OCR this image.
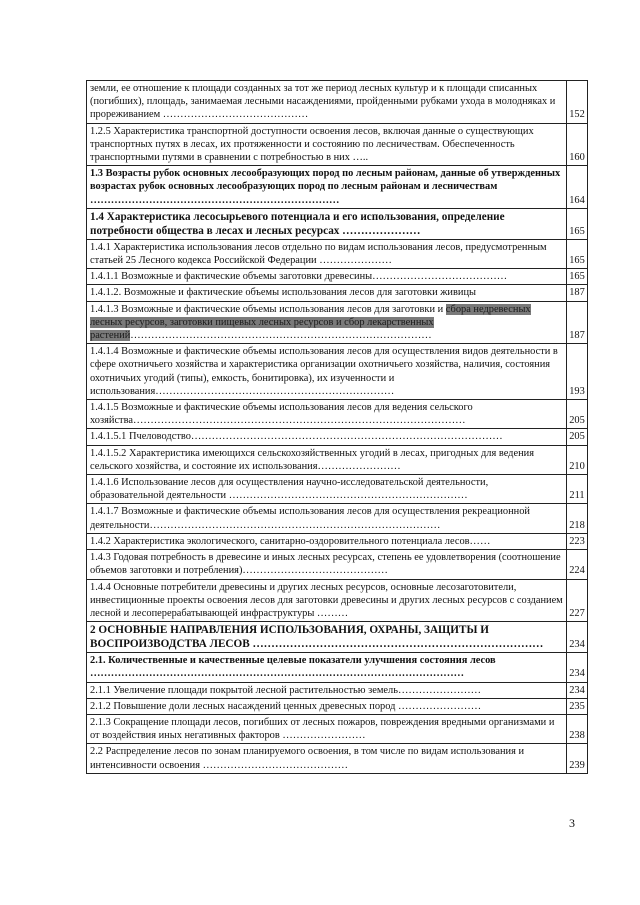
земли, ее отношение к площади созданных за тот же период лесных культур и к площади списанных (погибших), площадь, занимаемая лесными насаждениями, пройденными рубками ухода в молодняках и прореживанием ……………………………………	152
1.2.5 Характеристика транспортной доступности освоения лесов, включая данные о существующих транспортных путях в лесах, их протяженности и состоянию по лесничествам. Обеспеченность транспортными путями в сравнении с потребностью в них …..	160
1.3 Возрасты рубок основных лесообразующих пород по лесным районам, данные об утвержденных возрастах рубок основных лесообразующих пород по лесным районам и лесничествам ………………………………………………………………	164
1.4 Характеристика лесосырьевого потенциала и его использования, определение потребности общества в лесах и лесных ресурсах …………………	165
1.4.1 Характеристика использования лесов отдельно по видам использования лесов, предусмотренным статьей 25 Лесного кодекса Российской Федерации …………………	165
1.4.1.1 Возможные и фактические объемы заготовки древесины…………………………………	165
1.4.1.2. Возможные и фактические объемы использования лесов для заготовки живицы	187
1.4.1.3 Возможные и фактические объемы использования лесов для заготовки и сбора недревесных лесных ресурсов, заготовки пищевых лесных ресурсов и сбор лекарственных растений……………………………………………………………………………	187
1.4.1.4 Возможные и фактические объемы использования лесов для осуществления видов деятельности в сфере охотничьего хозяйства и характеристика организации охотничьего хозяйства, наличия, состояния охотничьих угодий (типы), емкость, бонитировка), их изученности и использования……………………………………………………………	193
1.4.1.5 Возможные и фактические объемы использования лесов для ведения сельского хозяйства……………………………………………………………………………………	205
1.4.1.5.1 Пчеловодство………………………………………………………………………………	205
1.4.1.5.2 Характеристика имеющихся сельскохозяйственных угодий в лесах, пригодных для ведения сельского хозяйства, и состояние их использования……………………	210
1.4.1.6 Использование лесов для осуществления научно-исследовательской деятельности, образовательной деятельности ……………………………………………………………	211
1.4.1.7 Возможные и фактические объемы использования лесов для осуществления рекреационной деятельности…………………………………………………………………………	218
1.4.2 Характеристика экологического, санитарно-оздоровительного потенциала лесов……	223
1.4.3 Годовая потребность в древесине и иных лесных ресурсах, степень ее удовлетворения (соотношение объемов заготовки и потребления)……………………………………	224
1.4.4 Основные потребители древесины и других лесных ресурсов, основные лесозаготовители, инвестиционные проекты освоения лесов для заготовки древесины и других лесных ресурсов с созданием лесной и лесоперерабатывающей инфраструктуры ………	227
2 ОСНОВНЫЕ НАПРАВЛЕНИЯ ИСПОЛЬЗОВАНИЯ, ОХРАНЫ, ЗАЩИТЫ И ВОСПРОИЗВОДСТВА ЛЕСОВ ……………………………………………………………………	234
2.1. Количественные и качественные целевые показатели улучшения состояния лесов ………………………………………………………………………………………………	234
2.1.1 Увеличение площади покрытой лесной растительностью земель……………………	234
2.1.2 Повышение доли лесных насаждений ценных древесных пород ……………………	235
2.1.3 Сокращение площади лесов, погибших от лесных пожаров, повреждения вредными организмами и от воздействия иных негативных факторов ……………………	238
2.2 Распределение лесов по зонам планируемого освоения, в том числе по видам использования и интенсивности освоения ……………………………………	239
3
